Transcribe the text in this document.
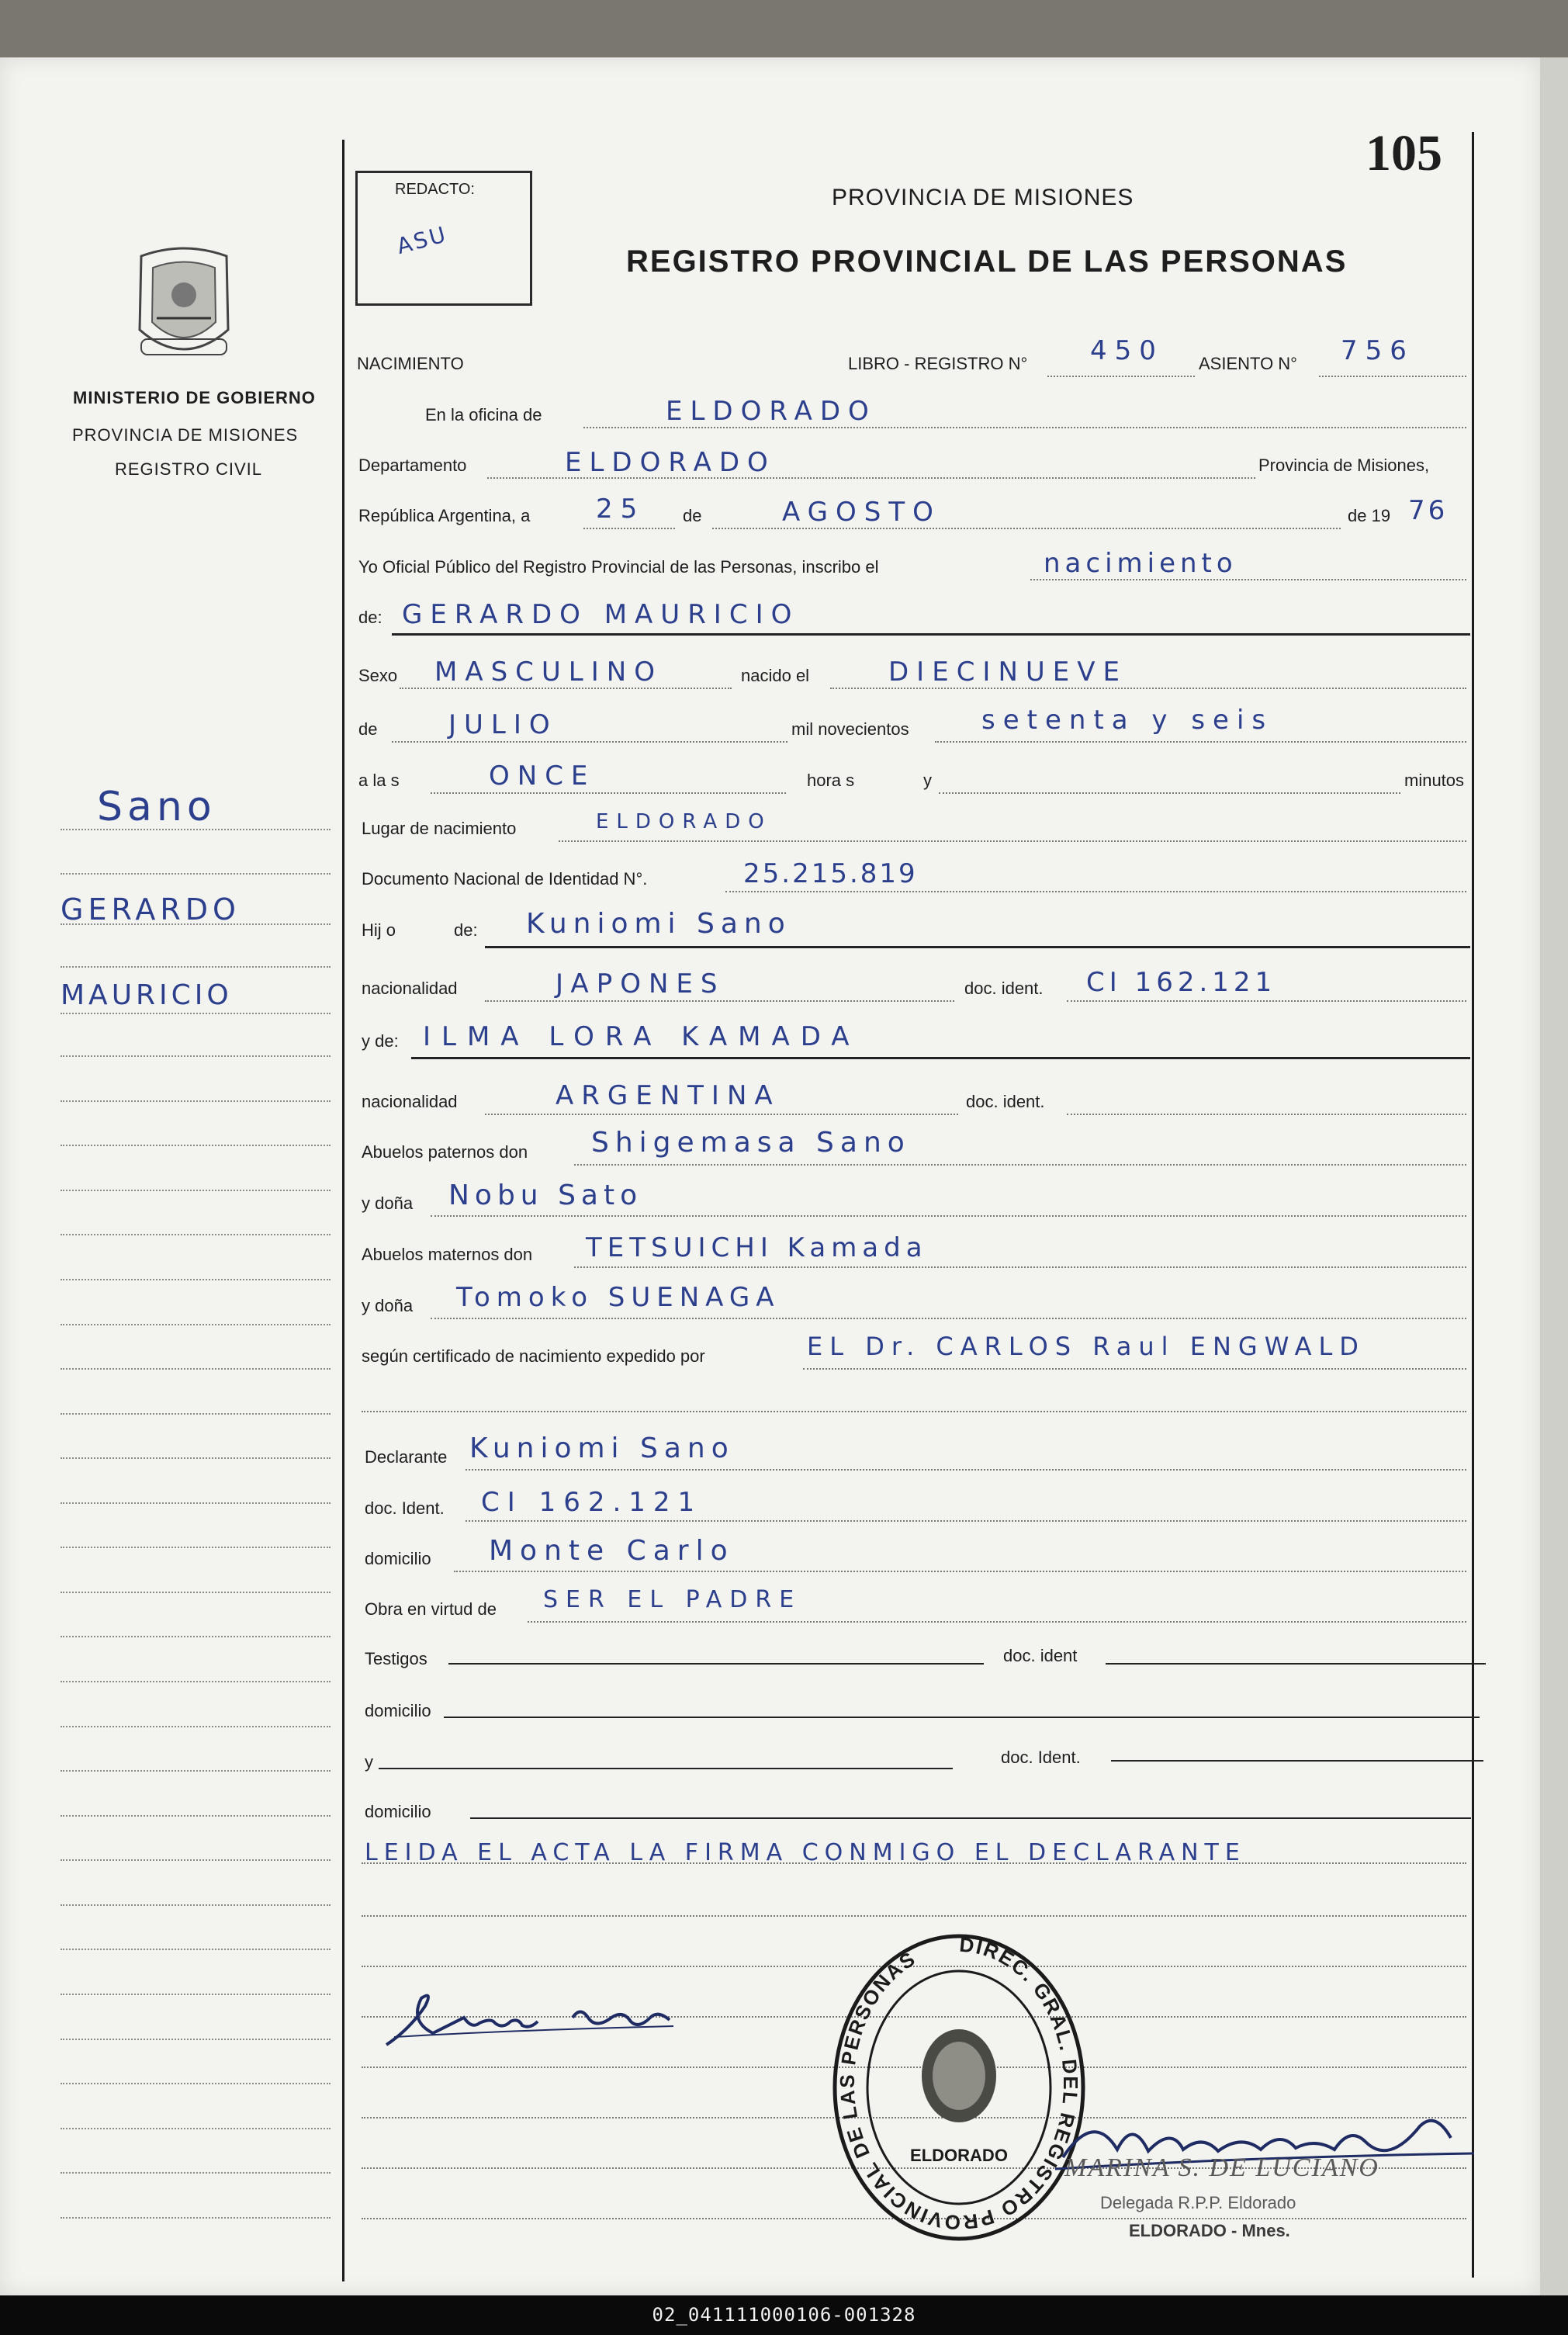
105
REDACTO:
ASU
PROVINCIA DE MISIONES
REGISTRO PROVINCIAL DE LAS PERSONAS
MINISTERIO DE GOBIERNO
PROVINCIA DE MISIONES
REGISTRO CIVIL
Sano
GERARDO
MAURICIO
NACIMIENTO	LIBRO - REGISTRO N° 450 ASIENTO N° 756
En la oficina de	ELDORADO
Departamento	ELDORADO	Provincia de Misiones,
República Argentina, a 25 de	AGOSTO	de 19 76
Yo Oficial Público del Registro Provincial de las Personas, inscribo el	nacimiento
de: GERARDO MAURICIO
Sexo MASCULINO	nacido el	DIECINUEVE
de	JULIO	mil novecientos	setenta y seis
a la s	ONCE	hora s	y	minutos
Lugar de nacimiento	ELDORADO
Documento Nacional de Identidad N°.	25.215.819
Hij o	de: Kuniomi Sano
nacionalidad	JAPONES	doc. ident. CI 162.121
y de: ILMA LORA KAMADA
nacionalidad	ARGENTINA	doc. ident.
Abuelos paternos don Shigemasa Sano
y doña Nobu Sato
Abuelos maternos don TETSUICHI Kamada
y doña Tomoko SUENAGA
según certificado de nacimiento expedido por	EL Dr. CARLOS Raul ENGWALD
Declarante Kuniomi Sano
doc. Ident. CI 162.121
domicilio Monte Carlo
Obra en virtud de SER EL PADRE
Testigos	doc. ident
domicilio
y	doc. Ident.
domicilio
LEIDA EL ACTA LA FIRMA CONMIGO EL DECLARANTE
DIREC. GRAL. DEL REGISTRO PROVINCIAL DE LAS PERSONAS
ELDORADO MARINA S. DE LUCIANO
Delegada R.P.P. Eldorado
ELDORADO - Mnes.
02_041111000106-001328
